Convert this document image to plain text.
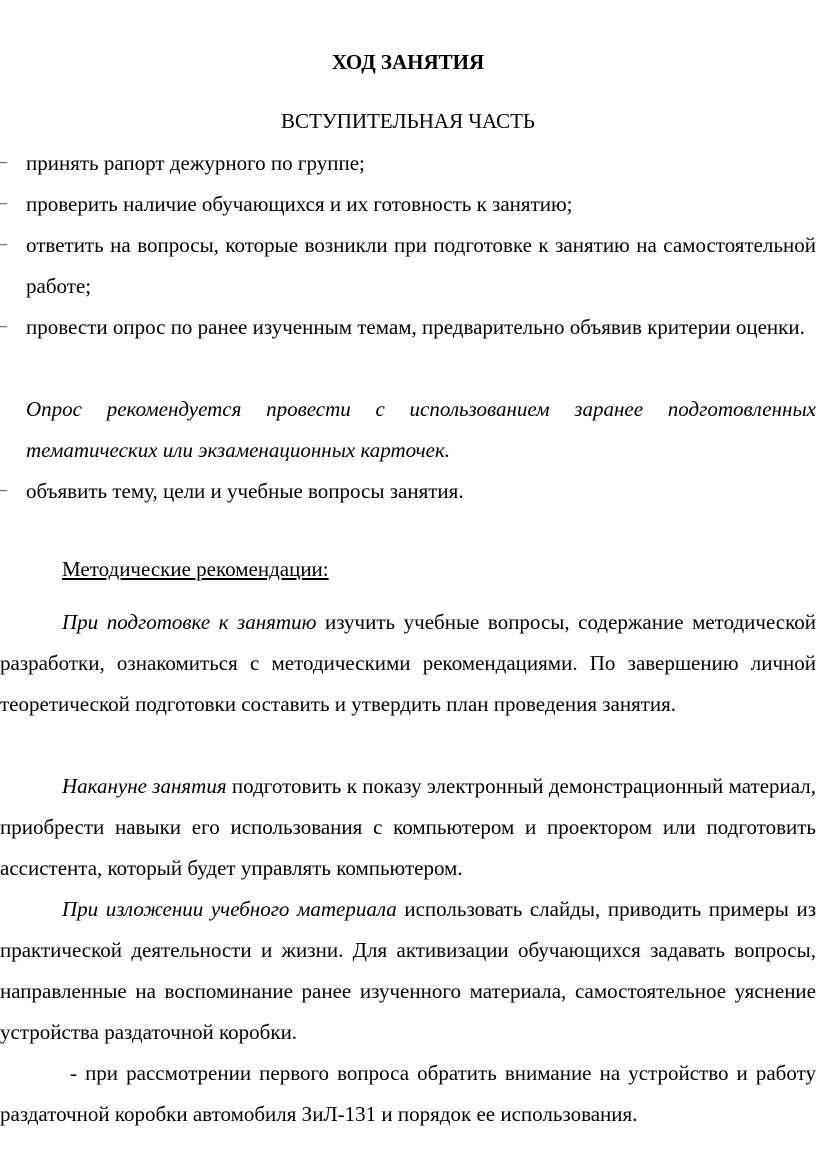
ХОД ЗАНЯТИЯ
ВСТУПИТЕЛЬНАЯ ЧАСТЬ
– принять рапорт дежурного по группе;
– проверить наличие обучающихся и их готовность к занятию;
– ответить на вопросы, которые возникли при подготовке к занятию на самостоятельной работе;
– провести опрос по ранее изученным темам, предварительно объявив критерии оценки.
Опрос рекомендуется провести с использованием заранее подготовленных тематических или экзаменационных карточек.
– объявить тему, цели и учебные вопросы занятия.
Методические рекомендации:
При подготовке к занятию изучить учебные вопросы, содержание методической разработки, ознакомиться с методическими рекомендациями. По завершению личной теоретической подготовки составить и утвердить план проведения занятия.
Накануне занятия подготовить к показу электронный демонстрационный материал, приобрести навыки его использования с компьютером и проектором или подготовить ассистента, который будет управлять компьютером.
При изложении учебного материала использовать слайды, приводить примеры из практической деятельности и жизни. Для активизации обучающихся задавать вопросы, направленные на воспоминание ранее изученного материала, самостоятельное уяснение устройства раздаточной коробки.
- при рассмотрении первого вопроса обратить внимание на устройство и работу раздаточной коробки автомобиля ЗиЛ-131 и порядок ее использования.
